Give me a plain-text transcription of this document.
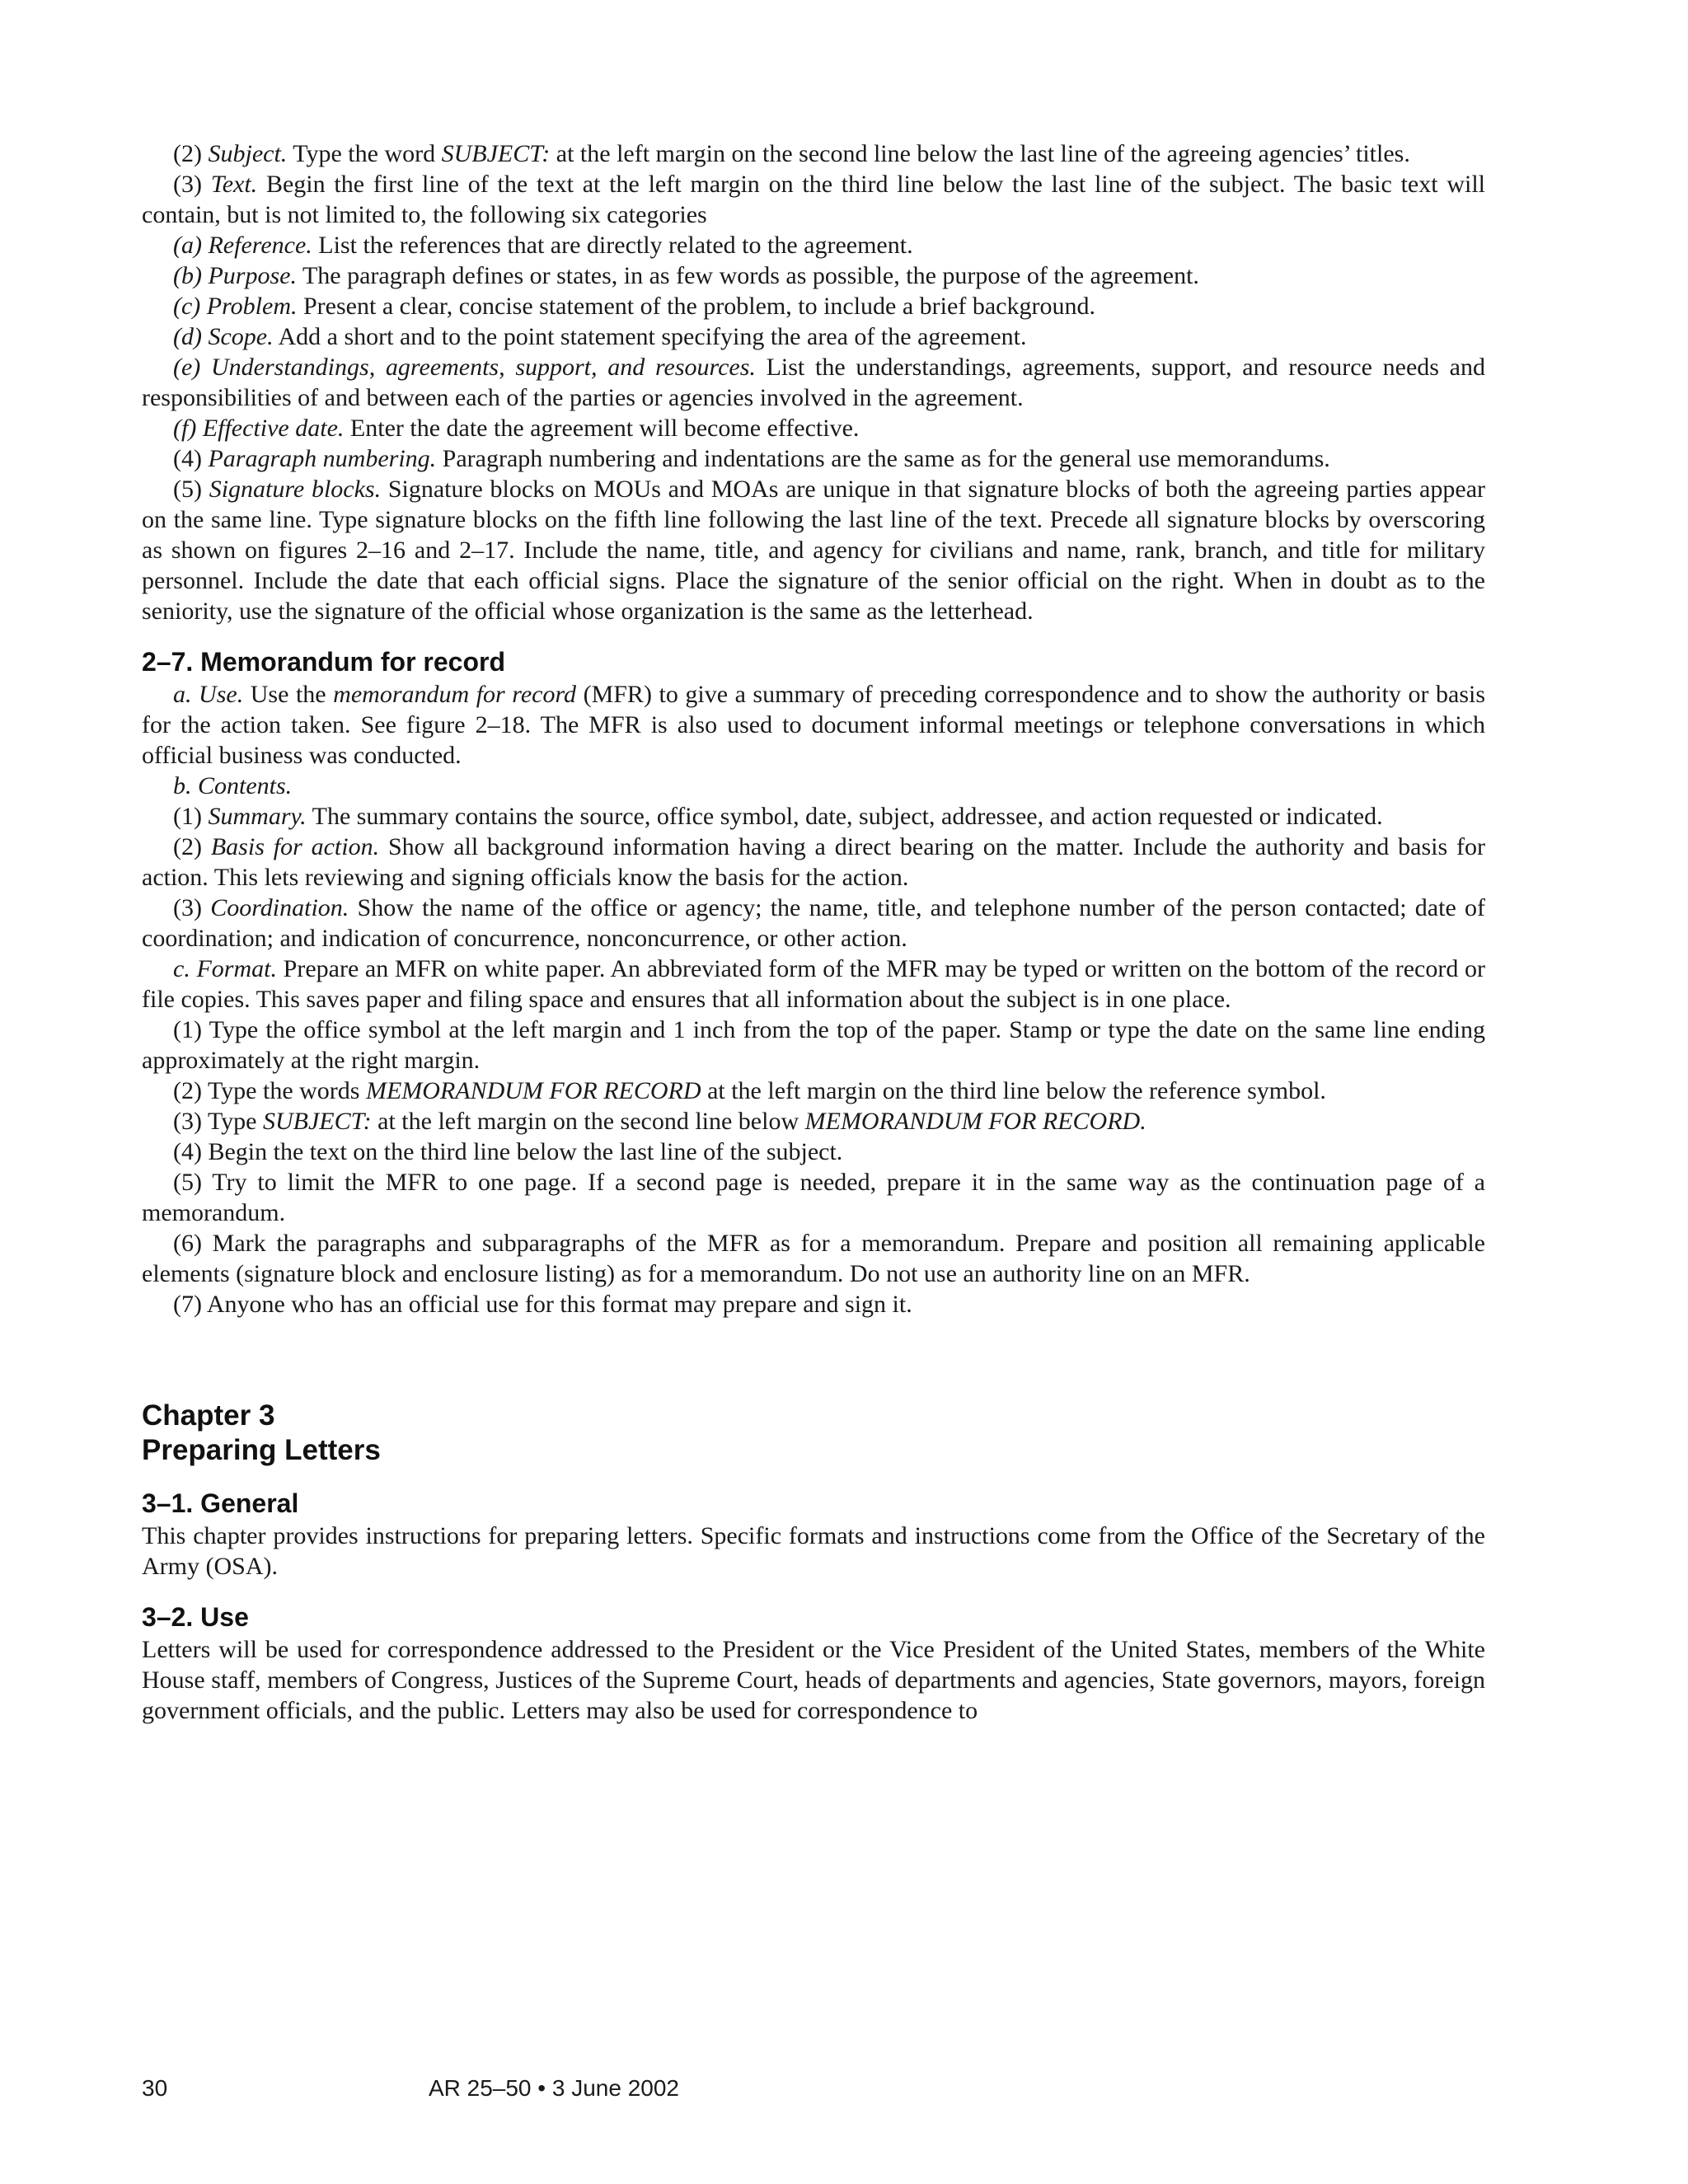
(2) Subject. Type the word SUBJECT: at the left margin on the second line below the last line of the agreeing agencies’ titles.

(3) Text. Begin the first line of the text at the left margin on the third line below the last line of the subject. The basic text will contain, but is not limited to, the following six categories

(a) Reference. List the references that are directly related to the agreement.

(b) Purpose. The paragraph defines or states, in as few words as possible, the purpose of the agreement.

(c) Problem. Present a clear, concise statement of the problem, to include a brief background.

(d) Scope. Add a short and to the point statement specifying the area of the agreement.

(e) Understandings, agreements, support, and resources. List the understandings, agreements, support, and resource needs and responsibilities of and between each of the parties or agencies involved in the agreement.

(f) Effective date. Enter the date the agreement will become effective.

(4) Paragraph numbering. Paragraph numbering and indentations are the same as for the general use memorandums.

(5) Signature blocks. Signature blocks on MOUs and MOAs are unique in that signature blocks of both the agreeing parties appear on the same line. Type signature blocks on the fifth line following the last line of the text. Precede all signature blocks by overscoring as shown on figures 2–16 and 2–17. Include the name, title, and agency for civilians and name, rank, branch, and title for military personnel. Include the date that each official signs. Place the signature of the senior official on the right. When in doubt as to the seniority, use the signature of the official whose organization is the same as the letterhead.

2–7. Memorandum for record

a. Use. Use the memorandum for record (MFR) to give a summary of preceding correspondence and to show the authority or basis for the action taken. See figure 2–18. The MFR is also used to document informal meetings or telephone conversations in which official business was conducted.

b. Contents.

(1) Summary. The summary contains the source, office symbol, date, subject, addressee, and action requested or indicated.

(2) Basis for action. Show all background information having a direct bearing on the matter. Include the authority and basis for action. This lets reviewing and signing officials know the basis for the action.

(3) Coordination. Show the name of the office or agency; the name, title, and telephone number of the person contacted; date of coordination; and indication of concurrence, nonconcurrence, or other action.

c. Format. Prepare an MFR on white paper. An abbreviated form of the MFR may be typed or written on the bottom of the record or file copies. This saves paper and filing space and ensures that all information about the subject is in one place.

(1) Type the office symbol at the left margin and 1 inch from the top of the paper. Stamp or type the date on the same line ending approximately at the right margin.

(2) Type the words MEMORANDUM FOR RECORD at the left margin on the third line below the reference symbol.

(3) Type SUBJECT: at the left margin on the second line below MEMORANDUM FOR RECORD.

(4) Begin the text on the third line below the last line of the subject.

(5) Try to limit the MFR to one page. If a second page is needed, prepare it in the same way as the continuation page of a memorandum.

(6) Mark the paragraphs and subparagraphs of the MFR as for a memorandum. Prepare and position all remaining applicable elements (signature block and enclosure listing) as for a memorandum. Do not use an authority line on an MFR.

(7) Anyone who has an official use for this format may prepare and sign it.

Chapter 3
Preparing Letters
3–1. General

This chapter provides instructions for preparing letters. Specific formats and instructions come from the Office of the Secretary of the Army (OSA).

3–2. Use

Letters will be used for correspondence addressed to the President or the Vice President of the United States, members of the White House staff, members of Congress, Justices of the Supreme Court, heads of departments and agencies, State governors, mayors, foreign government officials, and the public. Letters may also be used for correspondence to

30	AR 25–50 • 3 June 2002
